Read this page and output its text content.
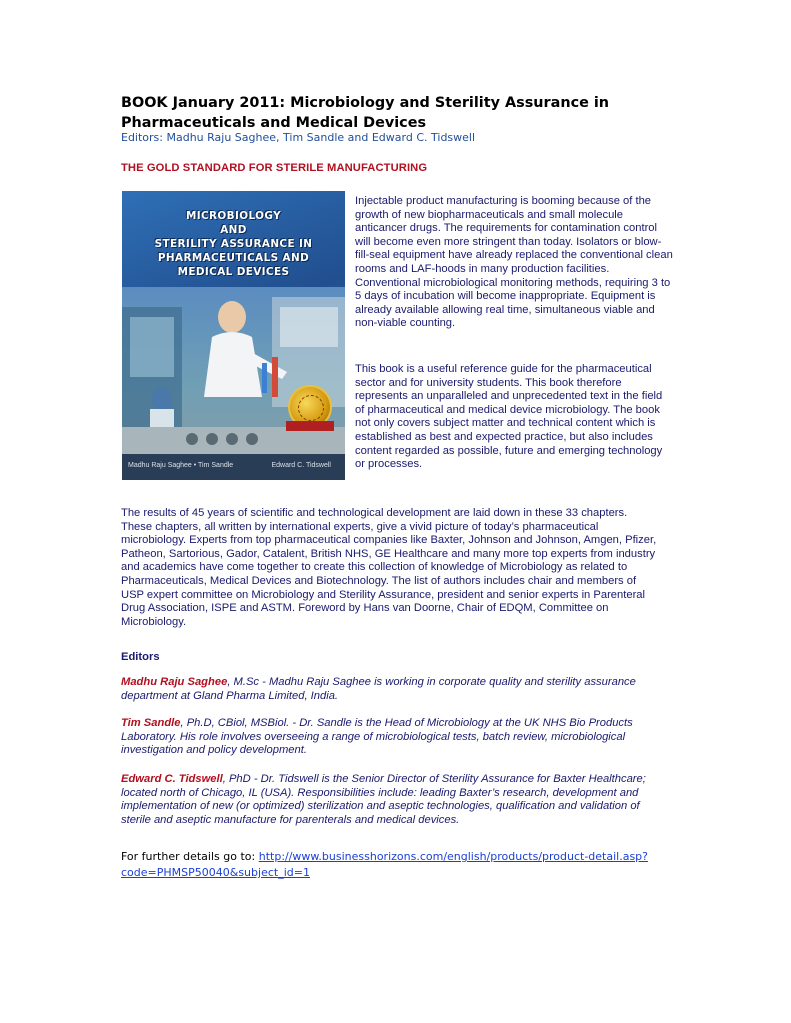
BOOK January 2011: Microbiology and Sterility Assurance in Pharmaceuticals and Medical Devices

Editors: Madhu Raju Saghee, Tim Sandle and Edward C. Tidswell

THE GOLD STANDARD FOR STERILE MANUFACTURING

MICROBIOLOGY
AND
STERILITY ASSURANCE IN
PHARMACEUTICALS AND
MEDICAL DEVICES
Madhu Raju Saghee • Tim Sandle	Edward C. Tidswell

Injectable product manufacturing is booming because of the growth of new biopharmaceuticals and small molecule anticancer drugs. The requirements for contamination control will become even more stringent than today. Isolators or blow-fill-seal equipment have already replaced the conventional clean rooms and LAF-hoods in many production facilities. Conventional microbiological monitoring methods, requiring 3 to 5 days of incubation will become inappropriate. Equipment is already available allowing real time, simultaneous viable and non-viable counting.

This book is a useful reference guide for the pharmaceutical sector and for university students. This book therefore represents an unparalleled and unprecedented text in the field of pharmaceutical and medical device microbiology. The book not only covers subject matter and technical content which is established as best and expected practice, but also includes content regarded as possible, future and emerging technology or processes.

The results of 45 years of scientific and technological development are laid down in these 33 chapters. These chapters, all written by international experts, give a vivid picture of today’s pharmaceutical microbiology. Experts from top pharmaceutical companies like Baxter, Johnson and Johnson, Amgen, Pfizer, Patheon, Sartorious, Gador, Catalent, British NHS, GE Healthcare and many more top experts from industry and academics have come together to create this collection of knowledge of Microbiology as related to Pharmaceuticals, Medical Devices and Biotechnology. The list of authors includes chair and members of USP expert committee on Microbiology and Sterility Assurance, president and senior experts in Parenteral Drug Association, ISPE and ASTM. Foreword by Hans van Doorne, Chair of EDQM, Committee on Microbiology.

Editors

Madhu Raju Saghee, M.Sc - Madhu Raju Saghee is working in corporate quality and sterility assurance department at Gland Pharma Limited, India.

Tim Sandle, Ph.D, CBiol, MSBiol. - Dr. Sandle is the Head of Microbiology at the UK NHS Bio Products Laboratory. His role involves overseeing a range of microbiological tests, batch review, microbiological investigation and policy development.

Edward C. Tidswell, PhD - Dr. Tidswell is the Senior Director of Sterility Assurance for Baxter Healthcare; located north of Chicago, IL (USA). Responsibilities include: leading Baxter’s research, development and implementation of new (or optimized) sterilization and aseptic technologies, qualification and validation of sterile and aseptic manufacture for parenterals and medical devices.

For further details go to: http://www.businesshorizons.com/english/products/product-detail.asp?code=PHMSP50040&subject_id=1
